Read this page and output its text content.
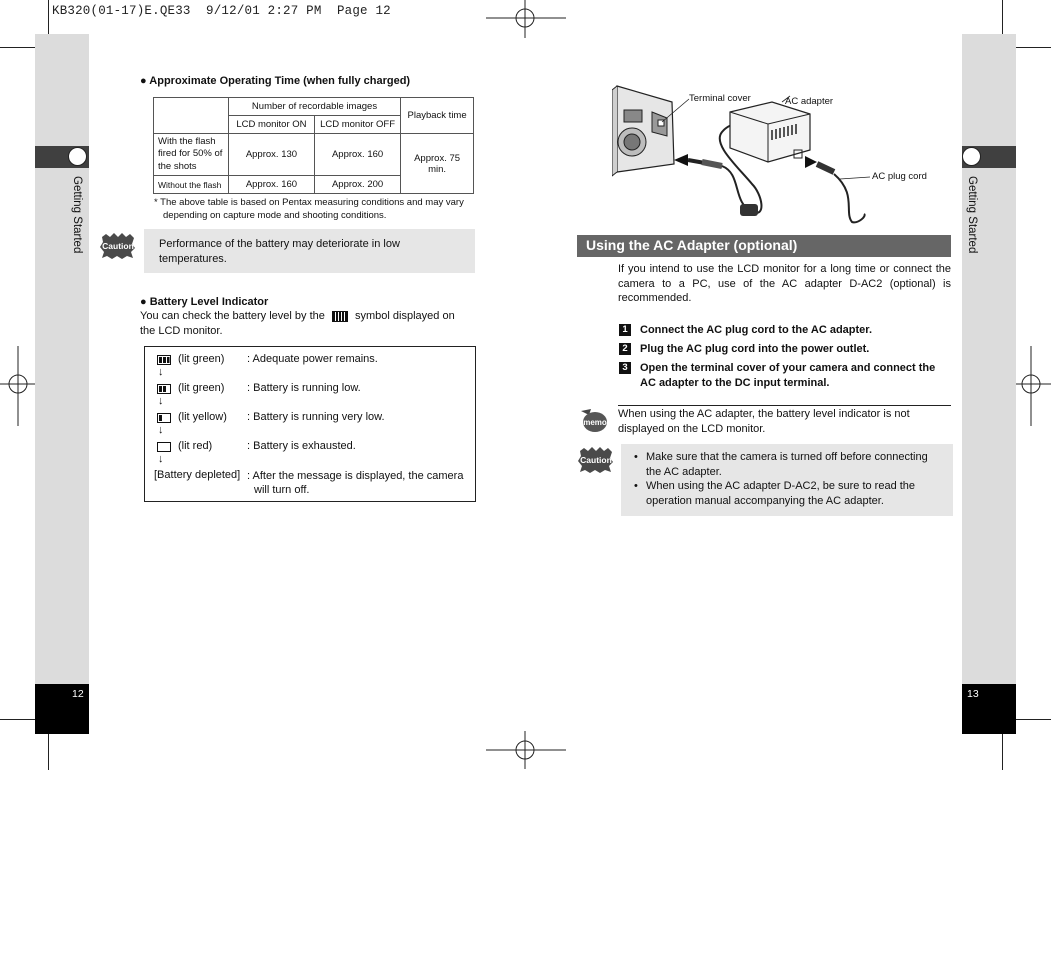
KB320(01-17)E.QE33  9/12/01 2:27 PM  Page 12
Getting Started
12
Getting Started
13
● Approximate Operating Time (when fully charged)
	Number of recordable images		Playback time
	LCD monitor ON	LCD monitor OFF	
With the flash fired for 50% of the shots	Approx. 130	Approx. 160	Approx. 75 min.
Without the flash	Approx. 160	Approx. 200	
* The above table is based on Pentax measuring conditions and may vary depending on capture mode and shooting conditions.
Caution Performance of the battery may deteriorate in low temperatures.
● Battery Level Indicator
You can check the battery level by the	symbol displayed on the LCD monitor.
(lit green) : Adequate power remains.
↓
(lit green) : Battery is running low.
↓
(lit yellow) : Battery is running very low.
↓
(lit red)	: Battery is exhausted.
↓
[Battery depleted] : After the message is displayed, the camera will turn off.
Terminal cover	AC adapter
AC plug cord
Using the AC Adapter (optional)
If you intend to use the LCD monitor for a long time or connect the camera to a PC, use of the AC adapter D-AC2 (optional) is recommended.
1	Connect the AC plug cord to the AC adapter.
2	Plug the AC plug cord into the power outlet.
3	Open the terminal cover of your camera and connect the AC adapter to the DC input terminal.
memo
When using the AC adapter, the battery level indicator is not displayed on the LCD monitor.
Caution	• Make sure that the camera is turned off before connecting the AC adapter.
• When using the AC adapter D-AC2, be sure to read the operation manual accompanying the AC adapter.
